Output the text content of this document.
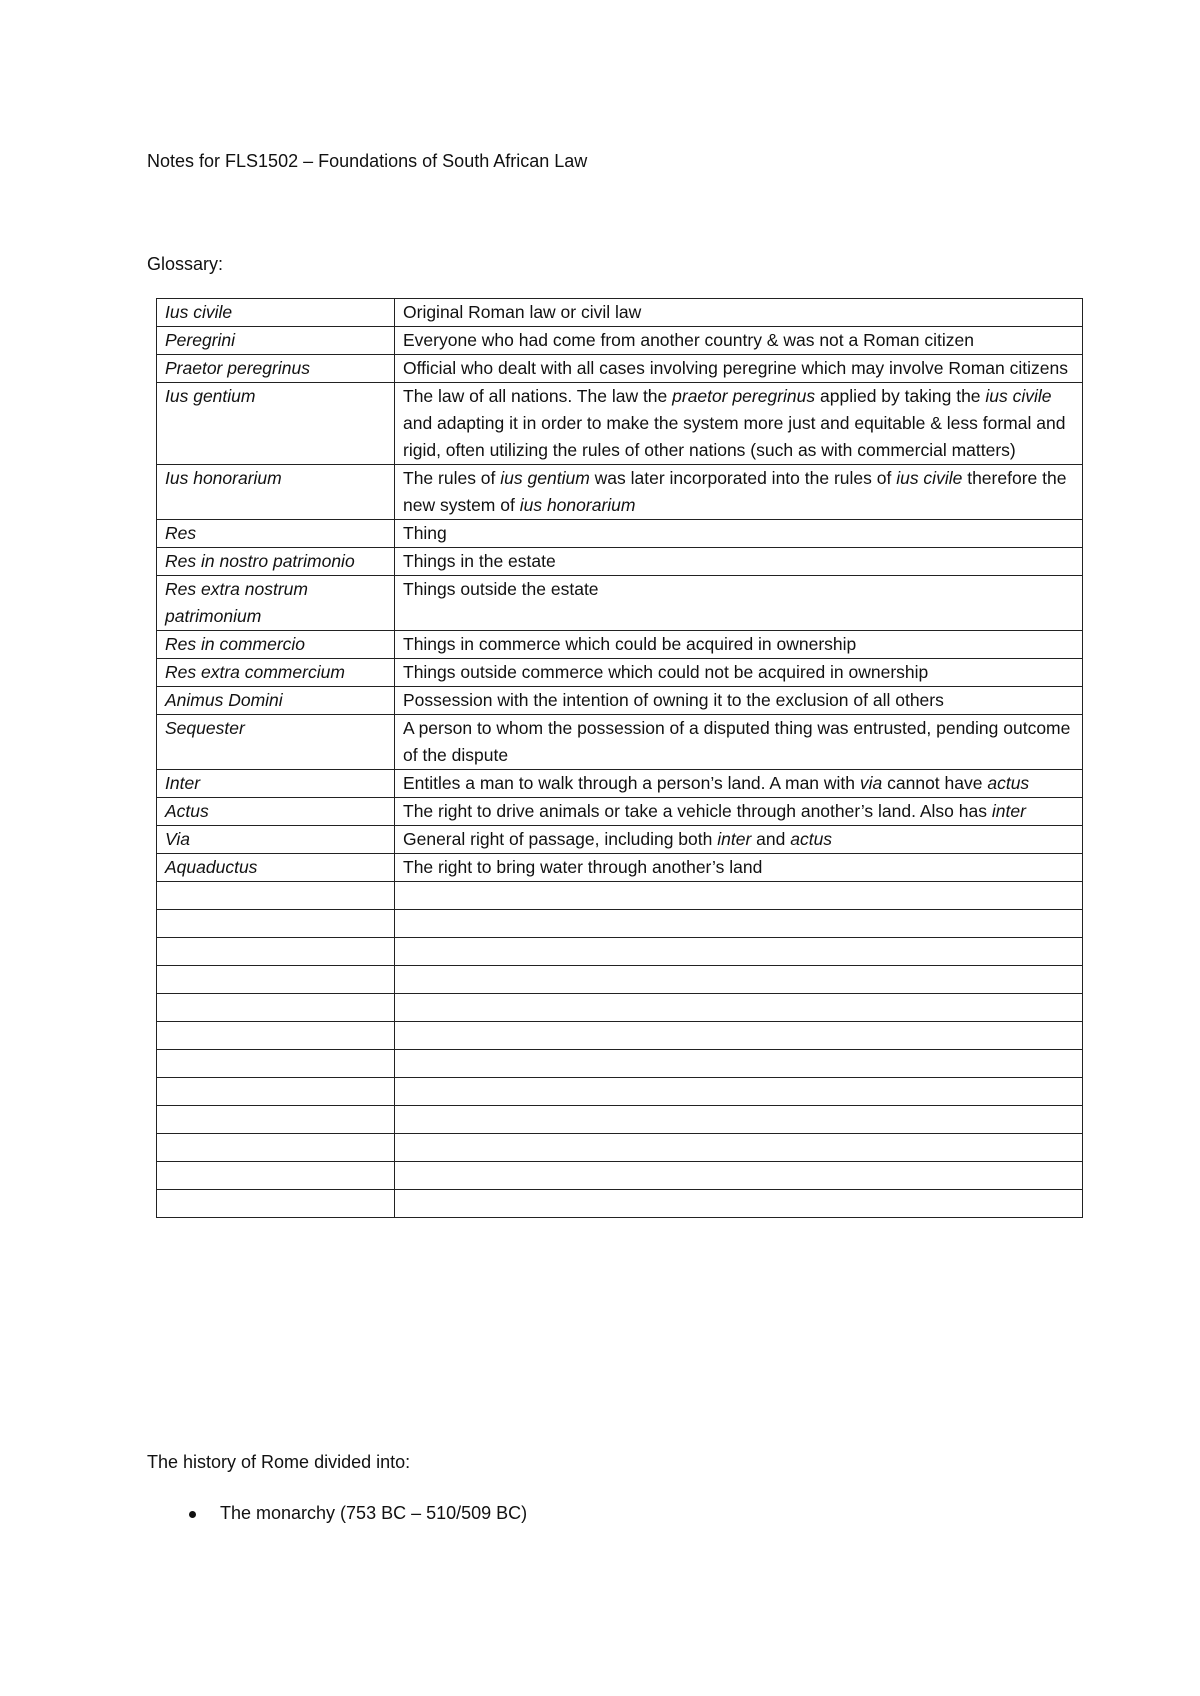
Notes for FLS1502 – Foundations of South African Law
Glossary:
Ius civile	Original Roman law or civil law
Peregrini	Everyone who had come from another country & was not a Roman citizen
Praetor peregrinus	Official who dealt with all cases involving peregrine which may involve Roman citizens
Ius gentium	The law of all nations. The law the praetor peregrinus applied by taking the ius civile and adapting it in order to make the system more just and equitable & less formal and rigid, often utilizing the rules of other nations (such as with commercial matters)
Ius honorarium	The rules of ius gentium was later incorporated into the rules of ius civile therefore the new system of ius honorarium
Res	Thing
Res in nostro patrimonio	Things in the estate
Res extra nostrum patrimonium	Things outside the estate
Res in commercio	Things in commerce which could be acquired in ownership
Res extra commercium	Things outside commerce which could not be acquired in ownership
Animus Domini	Possession with the intention of owning it to the exclusion of all others
Sequester	A person to whom the possession of a disputed thing was entrusted, pending outcome of the dispute
Inter	Entitles a man to walk through a person’s land. A man with via cannot have actus
Actus	The right to drive animals or take a vehicle through another’s land. Also has inter
Via	General right of passage, including both inter and actus
Aquaductus	The right to bring water through another’s land

The history of Rome divided into:
The monarchy (753 BC – 510/509 BC)
